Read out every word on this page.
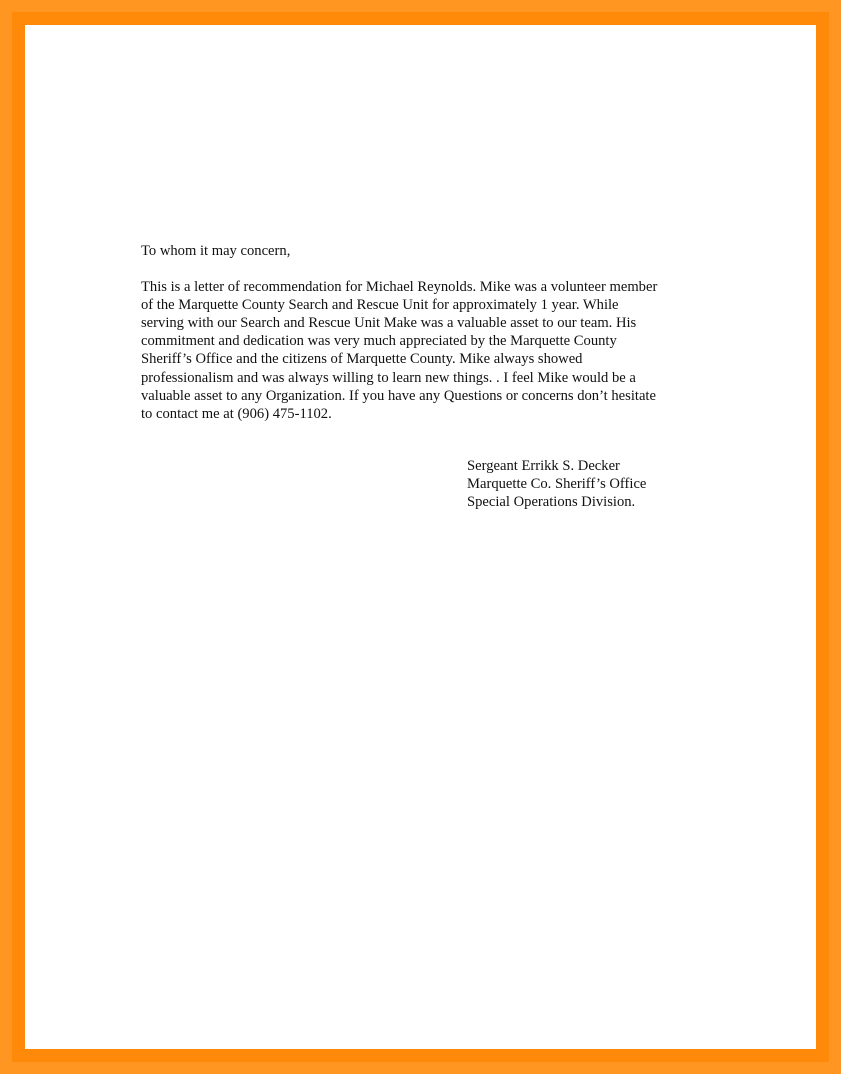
To whom it may concern,

This is a letter of recommendation for Michael Reynolds. Mike was a volunteer member
of the Marquette County Search and Rescue Unit for approximately 1 year. While
serving with our Search and Rescue Unit Make was a valuable asset to our team. His
commitment and dedication was very much appreciated by the Marquette County
Sheriff’s Office and the citizens of Marquette County. Mike always showed
professionalism and was always willing to learn new things. . I feel Mike would be a
valuable asset to any Organization. If you have any Questions or concerns don’t hesitate
to contact me at (906) 475-1102.

Sergeant Errikk S. Decker
Marquette Co. Sheriff’s Office
Special Operations Division.
